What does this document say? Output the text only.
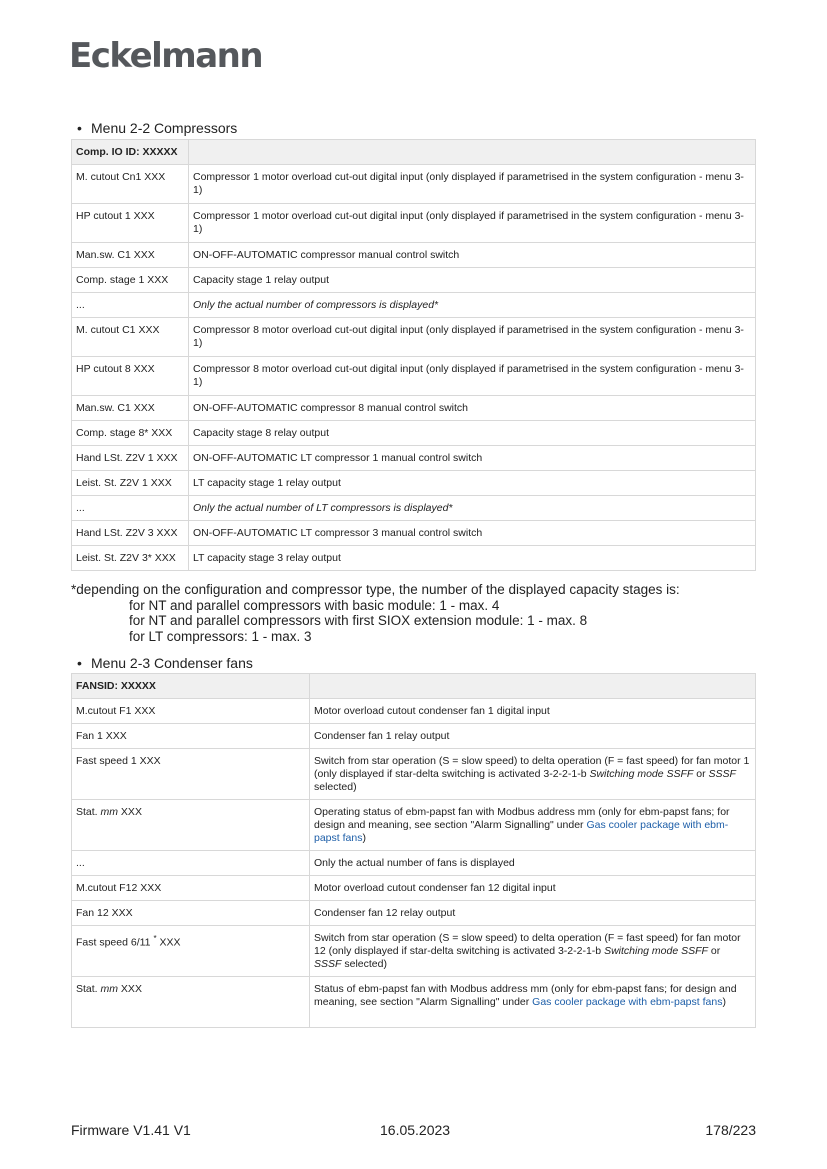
Eckelmann
• Menu 2-2 Compressors
Comp. IO ID: XXXXX	
M. cutout Cn1 XXX	Compressor 1 motor overload cut-out digital input (only displayed if parametrised in the system configuration - menu 3-1)
HP cutout 1 XXX	Compressor 1 motor overload cut-out digital input (only displayed if parametrised in the system configuration - menu 3-1)
Man.sw. C1 XXX	ON-OFF-AUTOMATIC compressor manual control switch
Comp. stage 1 XXX	Capacity stage 1 relay output
...	Only the actual number of compressors is displayed*
M. cutout C1 XXX	Compressor 8 motor overload cut-out digital input (only displayed if parametrised in the system configuration - menu 3-1)
HP cutout 8 XXX	Compressor 8 motor overload cut-out digital input (only displayed if parametrised in the system configuration - menu 3-1)
Man.sw. C1 XXX	ON-OFF-AUTOMATIC compressor 8 manual control switch
Comp. stage 8* XXX	Capacity stage 8 relay output
Hand LSt. Z2V 1 XXX	ON-OFF-AUTOMATIC LT compressor 1 manual control switch
Leist. St. Z2V 1 XXX	LT capacity stage 1 relay output
...	Only the actual number of LT compressors is displayed*
Hand LSt. Z2V 3 XXX	ON-OFF-AUTOMATIC LT compressor 3 manual control switch
Leist. St. Z2V 3* XXX	LT capacity stage 3 relay output
*depending on the configuration and compressor type, the number of the displayed capacity stages is:
for NT and parallel compressors with basic module: 1 - max. 4
for NT and parallel compressors with first SIOX extension module: 1 - max. 8
for LT compressors: 1 - max. 3
• Menu 2-3 Condenser fans
FANSID: XXXXX	
M.cutout F1 XXX	Motor overload cutout condenser fan 1 digital input
Fan 1 XXX	Condenser fan 1 relay output
Fast speed 1 XXX	Switch from star operation (S = slow speed) to delta operation (F = fast speed) for fan motor 1 (only displayed if star-delta switching is activated 3-2-2-1-b Switching mode SSFF or SSSF selected)
Stat. mm XXX	Operating status of ebm-papst fan with Modbus address mm (only for ebm-papst fans; for design and meaning, see section "Alarm Signalling" under Gas cooler package with ebm-papst fans)
...	Only the actual number of fans is displayed
M.cutout F12 XXX	Motor overload cutout condenser fan 12 digital input
Fan 12 XXX	Condenser fan 12 relay output
Fast speed 6/11 * XXX	Switch from star operation (S = slow speed) to delta operation (F = fast speed) for fan motor 12 (only displayed if star-delta switching is activated 3-2-2-1-b Switching mode SSFF or SSSF selected)
Stat. mm XXX	Status of ebm-papst fan with Modbus address mm (only for ebm-papst fans; for design and meaning, see section "Alarm Signalling" under Gas cooler package with ebm-papst fans)
Firmware V1.41 V1	16.05.2023	178/223
